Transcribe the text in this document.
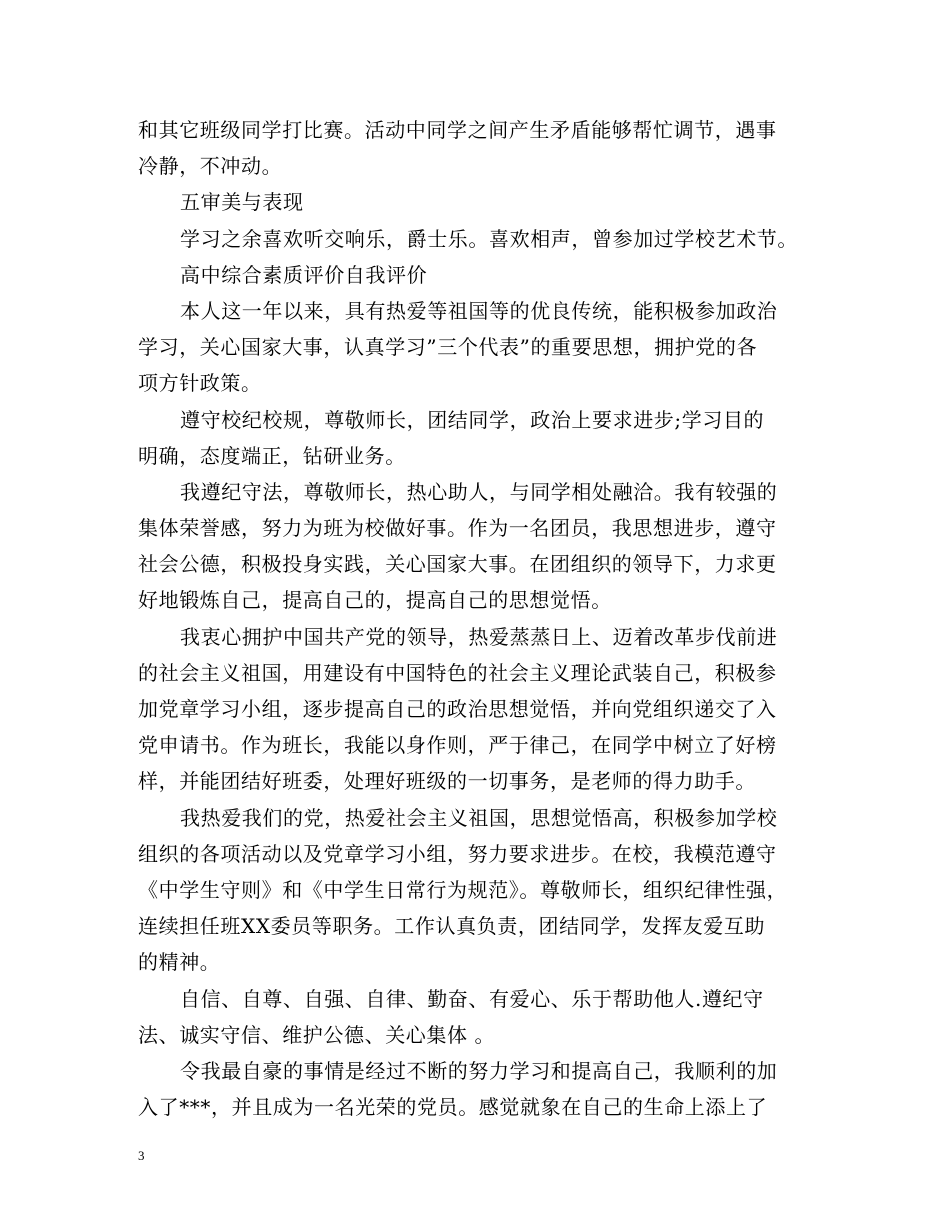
和其它班级同学打比赛。活动中同学之间产生矛盾能够帮忙调节，遇事
冷静，不冲动。
五审美与表现
学习之余喜欢听交响乐，爵士乐。喜欢相声，曾参加过学校艺术节。
高中综合素质评价自我评价
本人这一年以来，具有热爱等祖国等的优良传统，能积极参加政治
学习，关心国家大事，认真学习”三个代表”的重要思想，拥护党的各
项方针政策。
遵守校纪校规，尊敬师长，团结同学，政治上要求进步;学习目的
明确，态度端正，钻研业务。
我遵纪守法，尊敬师长，热心助人，与同学相处融洽。我有较强的
集体荣誉感，努力为班为校做好事。作为一名团员，我思想进步，遵守
社会公德，积极投身实践，关心国家大事。在团组织的领导下，力求更
好地锻炼自己，提高自己的，提高自己的思想觉悟。
我衷心拥护中国共产党的领导，热爱蒸蒸日上、迈着改革步伐前进
的社会主义祖国，用建设有中国特色的社会主义理论武装自己，积极参
加党章学习小组，逐步提高自己的政治思想觉悟，并向党组织递交了入
党申请书。作为班长，我能以身作则，严于律己，在同学中树立了好榜
样，并能团结好班委，处理好班级的一切事务，是老师的得力助手。
我热爱我们的党，热爱社会主义祖国，思想觉悟高，积极参加学校
组织的各项活动以及党章学习小组，努力要求进步。在校，我模范遵守
《中学生守则》和《中学生日常行为规范》。尊敬师长，组织纪律性强，
连续担任班XX委员等职务。工作认真负责，团结同学，发挥友爱互助
的精神。
自信、自尊、自强、自律、勤奋、有爱心、乐于帮助他人.遵纪守
法、诚实守信、维护公德、关心集体 。
令我最自豪的事情是经过不断的努力学习和提高自己，我顺利的加
入了***，并且成为一名光荣的党员。感觉就象在自己的生命上添上了
3
